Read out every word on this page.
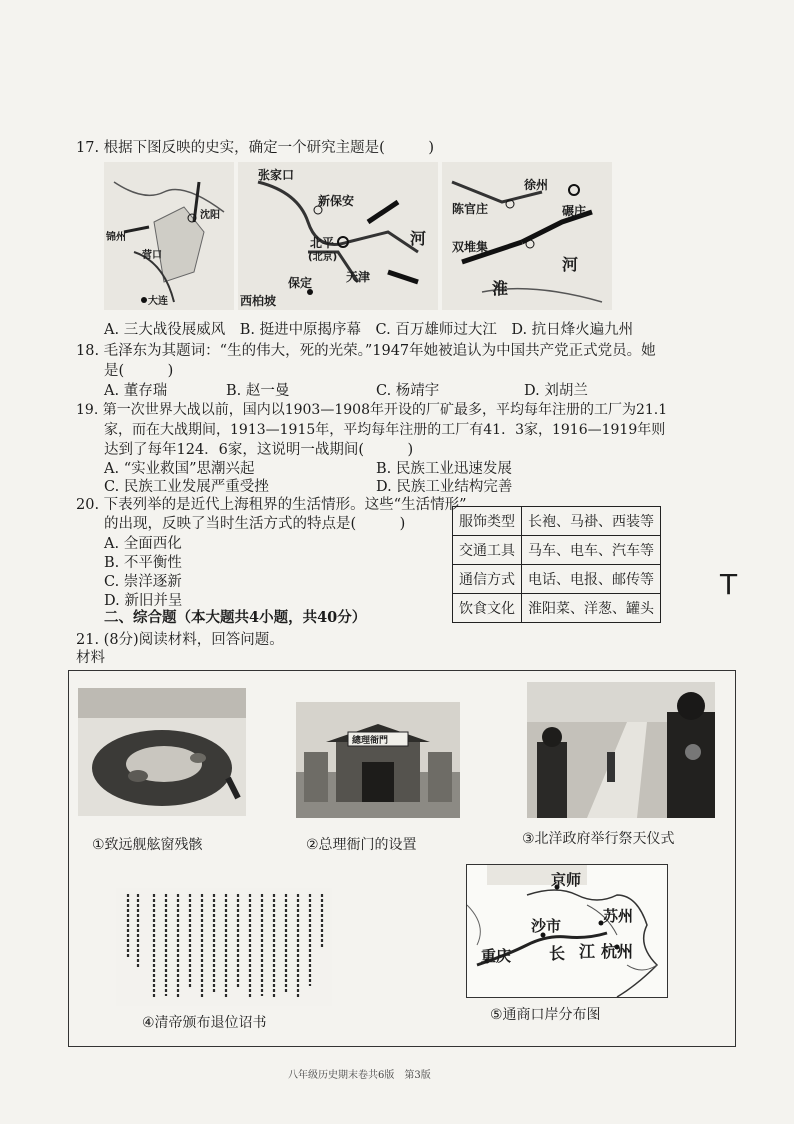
17. 根据下图反映的史实，确定一个研究主题是(　　　)
锦州
沈阳
营口
大连
张家口
新保安
北平
(北京)
保定	天津
西柏坡
河
徐州
碾庄
陈官庄
双堆集
河
淮
A. 三大战役展威风　B. 挺进中原揭序幕　C. 百万雄师过大江　D. 抗日烽火遍九州
18. 毛泽东为其题词：“生的伟大，死的光荣。”1947年她被追认为中国共产党正式党员。她
是(　　　)
A. 董存瑞	B. 赵一曼	C. 杨靖宇	D. 刘胡兰
19. 第一次世界大战以前，国内以1903—1908年开设的厂矿最多，平均每年注册的工厂为21.1
家，而在大战期间，1913—1915年，平均每年注册的工厂有41．3家，1916—1919年则
达到了每年124．6家，这说明一战期间(　　　)
A. “实业救国”思潮兴起	B. 民族工业迅速发展
C. 民族工业发展严重受挫	D. 民族工业结构完善
20. 下表列举的是近代上海租界的生活情形。这些“生活情形”
的出现，反映了当时生活方式的特点是(　　　)
A. 全面西化
B. 不平衡性
C. 崇洋逐新
D. 新旧并呈
服饰类型	长袍、马褂、西装等
交通工具	马车、电车、汽车等
通信方式	电话、电报、邮传等
饮食文化	淮阳菜、洋葱、罐头
T
二、综合题（本大题共4小题，共40分）
21. (8分)阅读材料，回答问题。
材料
①致远舰舷窗残骸
總理衙門
②总理衙门的设置	③北洋政府举行祭天仪式
④清帝颁布退位诏书
京师
苏州
沙市
长 江 杭州
重庆
⑤通商口岸分布图
八年级历史期末卷共6版　第3版
